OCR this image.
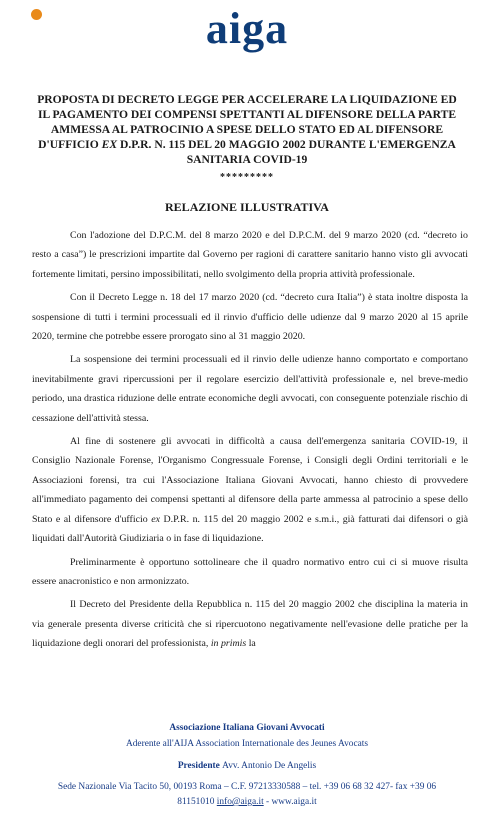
aiga
PROPOSTA DI DECRETO LEGGE PER ACCELERARE LA LIQUIDAZIONE ED IL PAGAMENTO DEI COMPENSI SPETTANTI AL DIFENSORE DELLA PARTE AMMESSA AL PATROCINIO A SPESE DELLO STATO ED AL DIFENSORE D'UFFICIO EX D.P.R. N. 115 DEL 20 MAGGIO 2002 DURANTE L'EMERGENZA SANITARIA COVID-19
*********
RELAZIONE ILLUSTRATIVA

Con l'adozione del D.P.C.M. del 8 marzo 2020 e del D.P.C.M. del 9 marzo 2020 (cd. “decreto io resto a casa”) le prescrizioni impartite dal Governo per ragioni di carattere sanitario hanno visto gli avvocati fortemente limitati, persino impossibilitati, nello svolgimento della propria attività professionale.

Con il Decreto Legge n. 18 del 17 marzo 2020 (cd. “decreto cura Italia”) è stata inoltre disposta la sospensione di tutti i termini processuali ed il rinvio d'ufficio delle udienze dal 9 marzo 2020 al 15 aprile 2020, termine che potrebbe essere prorogato sino al 31 maggio 2020.

La sospensione dei termini processuali ed il rinvio delle udienze hanno comportato e comportano inevitabilmente gravi ripercussioni per il regolare esercizio dell'attività professionale e, nel breve-medio periodo, una drastica riduzione delle entrate economiche degli avvocati, con conseguente potenziale rischio di cessazione dell'attività stessa.

Al fine di sostenere gli avvocati in difficoltà a causa dell'emergenza sanitaria COVID-19, il Consiglio Nazionale Forense, l'Organismo Congressuale Forense, i Consigli degli Ordini territoriali e le Associazioni forensi, tra cui l'Associazione Italiana Giovani Avvocati, hanno chiesto di provvedere all'immediato pagamento dei compensi spettanti al difensore della parte ammessa al patrocinio a spese dello Stato e al difensore d'ufficio ex D.P.R. n. 115 del 20 maggio 2002 e s.m.i., già fatturati dai difensori o già liquidati dall'Autorità Giudiziaria o in fase di liquidazione.

Preliminarmente è opportuno sottolineare che il quadro normativo entro cui ci si muove risulta essere anacronistico e non armonizzato.

Il Decreto del Presidente della Repubblica n. 115 del 20 maggio 2002 che disciplina la materia in via generale presenta diverse criticità che si ripercuotono negativamente nell'evasione delle pratiche per la liquidazione degli onorari del professionista, in primis la

Associazione Italiana Giovani Avvocati
Aderente all'AIJA Association Internationale des Jeunes Avocats
Presidente Avv. Antonio De Angelis
Sede Nazionale Via Tacito 50, 00193 Roma – C.F. 97213330588 – tel. +39 06 68 32 427- fax +39 06
81151010 info@aiga.it - www.aiga.it
